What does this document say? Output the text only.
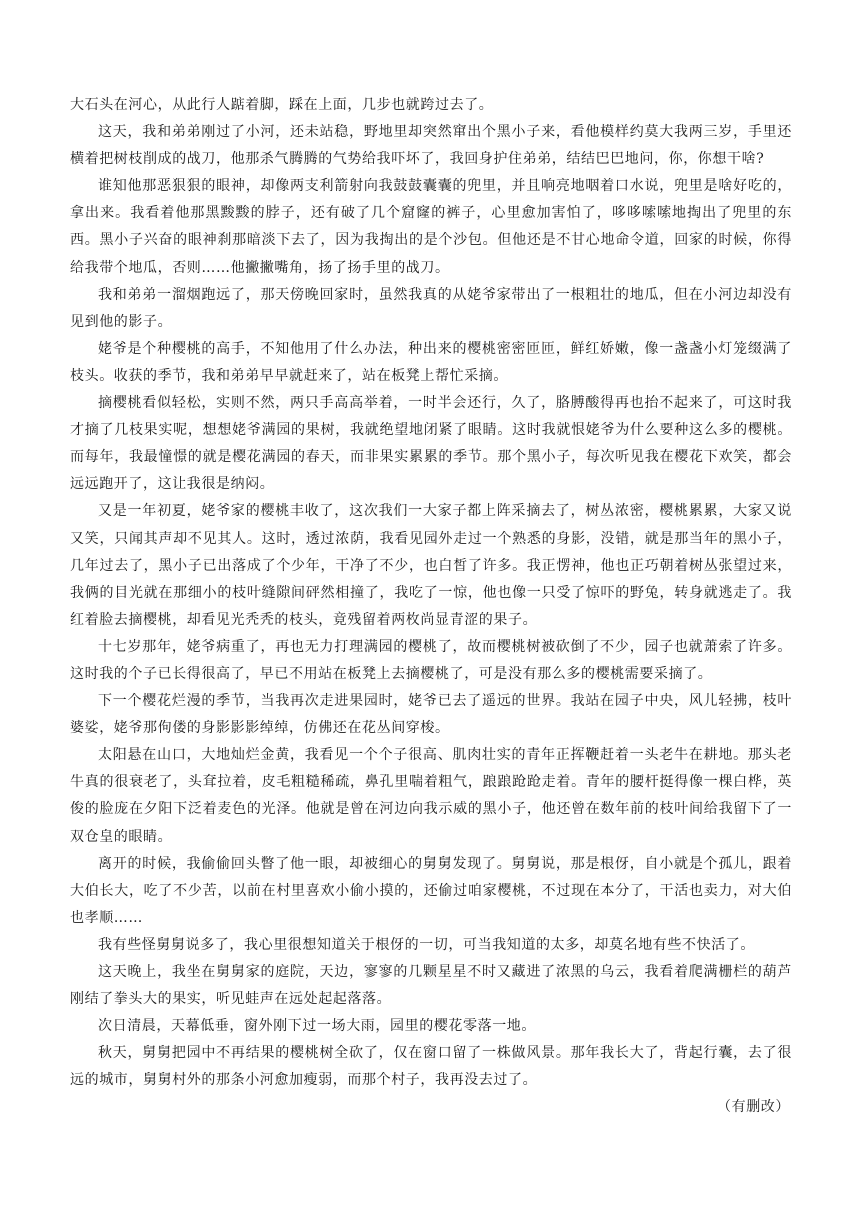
大石头在河心，从此行人踮着脚，踩在上面，几步也就跨过去了。

这天，我和弟弟刚过了小河，还未站稳，野地里却突然窜出个黑小子来，看他模样约莫大我两三岁，手里还横着把树枝削成的战刀，他那杀气腾腾的气势给我吓坏了，我回身护住弟弟，结结巴巴地问，你，你想干啥?

谁知他那恶狠狠的眼神，却像两支利箭射向我鼓鼓囊囊的兜里，并且响亮地咽着口水说，兜里是啥好吃的，拿出来。我看着他那黑黢黢的脖子，还有破了几个窟窿的裤子，心里愈加害怕了，哆哆嗦嗦地掏出了兜里的东西。黑小子兴奋的眼神刹那暗淡下去了，因为我掏出的是个沙包。但他还是不甘心地命令道，回家的时候，你得给我带个地瓜，否则……他撇撇嘴角，扬了扬手里的战刀。

我和弟弟一溜烟跑远了，那天傍晚回家时，虽然我真的从姥爷家带出了一根粗壮的地瓜，但在小河边却没有见到他的影子。

姥爷是个种樱桃的高手，不知他用了什么办法，种出来的樱桃密密匝匝，鲜红娇嫩，像一盏盏小灯笼缀满了枝头。收获的季节，我和弟弟早早就赶来了，站在板凳上帮忙采摘。

摘樱桃看似轻松，实则不然，两只手高高举着，一时半会还行，久了，胳膊酸得再也抬不起来了，可这时我才摘了几枝果实呢，想想姥爷满园的果树，我就绝望地闭紧了眼睛。这时我就恨姥爷为什么要种这么多的樱桃。而每年，我最憧憬的就是樱花满园的春天，而非果实累累的季节。那个黑小子，每次听见我在樱花下欢笑，都会远远跑开了，这让我很是纳闷。

又是一年初夏，姥爷家的樱桃丰收了，这次我们一大家子都上阵采摘去了，树丛浓密，樱桃累累，大家又说又笑，只闻其声却不见其人。这时，透过浓荫，我看见园外走过一个熟悉的身影，没错，就是那当年的黑小子，几年过去了，黑小子已出落成了个少年，干净了不少，也白皙了许多。我正愣神，他也正巧朝着树丛张望过来，我俩的目光就在那细小的枝叶缝隙间砰然相撞了，我吃了一惊，他也像一只受了惊吓的野兔，转身就逃走了。我红着脸去摘樱桃，却看见光秃秃的枝头，竟残留着两枚尚显青涩的果子。

十七岁那年，姥爷病重了，再也无力打理满园的樱桃了，故而樱桃树被砍倒了不少，园子也就萧索了许多。这时我的个子已长得很高了，早已不用站在板凳上去摘樱桃了，可是没有那么多的樱桃需要采摘了。

下一个樱花烂漫的季节，当我再次走进果园时，姥爷已去了遥远的世界。我站在园子中央，风儿轻拂，枝叶婆娑，姥爷那佝偻的身影影影绰绰，仿佛还在花丛间穿梭。

太阳悬在山口，大地灿烂金黄，我看见一个个子很高、肌肉壮实的青年正挥鞭赶着一头老牛在耕地。那头老牛真的很衰老了，头耷拉着，皮毛粗糙稀疏，鼻孔里喘着粗气，踉踉跄跄走着。青年的腰杆挺得像一棵白桦，英俊的脸庞在夕阳下泛着麦色的光泽。他就是曾在河边向我示威的黑小子，他还曾在数年前的枝叶间给我留下了一双仓皇的眼睛。

离开的时候，我偷偷回头瞥了他一眼，却被细心的舅舅发现了。舅舅说，那是根伢，自小就是个孤儿，跟着大伯长大，吃了不少苦，以前在村里喜欢小偷小摸的，还偷过咱家樱桃，不过现在本分了，干活也卖力，对大伯也孝顺……

我有些怪舅舅说多了，我心里很想知道关于根伢的一切，可当我知道的太多，却莫名地有些不快活了。

这天晚上，我坐在舅舅家的庭院，天边，寥寥的几颗星星不时又藏进了浓黑的乌云，我看着爬满栅栏的葫芦刚结了拳头大的果实，听见蛙声在远处起起落落。

次日清晨，天幕低垂，窗外刚下过一场大雨，园里的樱花零落一地。

秋天，舅舅把园中不再结果的樱桃树全砍了，仅在窗口留了一株做风景。那年我长大了，背起行囊，去了很远的城市，舅舅村外的那条小河愈加瘦弱，而那个村子，我再没去过了。

（有删改）
